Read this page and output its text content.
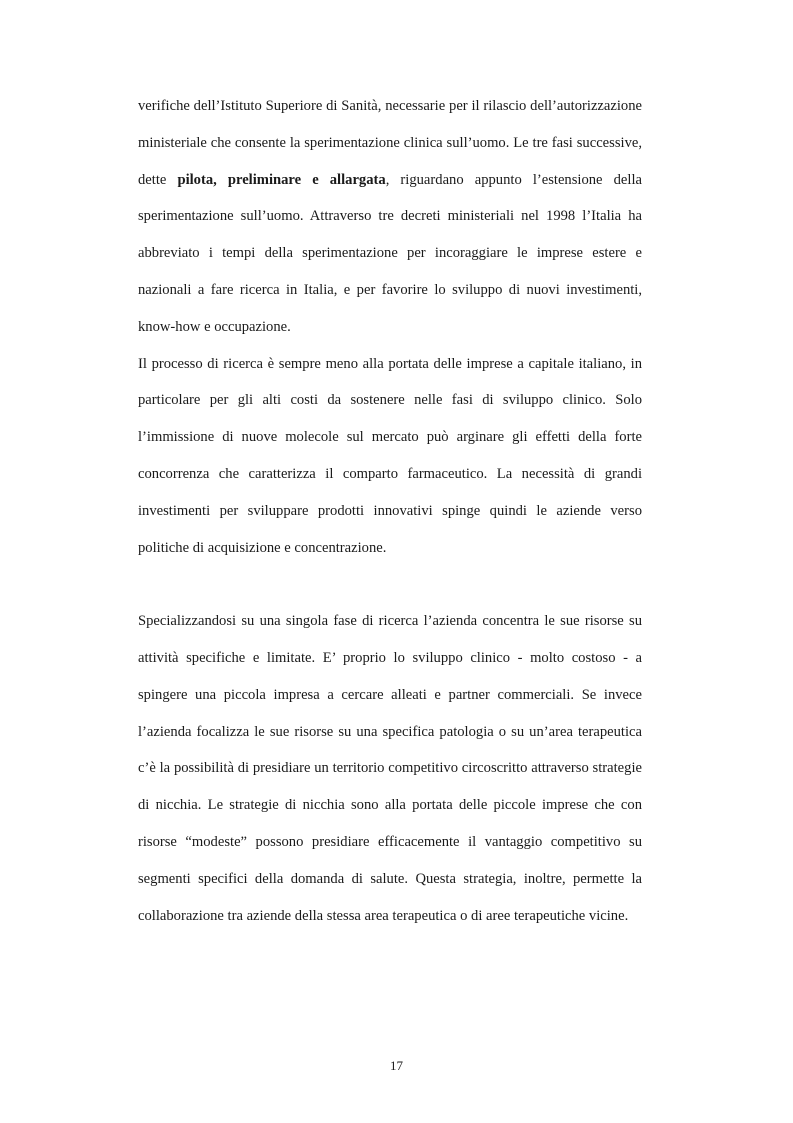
verifiche dell’Istituto Superiore di Sanità, necessarie per il rilascio dell’autorizzazione ministeriale che consente la sperimentazione clinica sull’uomo. Le tre fasi successive, dette pilota, preliminare e allargata, riguardano appunto l’estensione della sperimentazione sull’uomo. Attraverso tre decreti ministeriali nel 1998 l’Italia ha abbreviato i tempi della sperimentazione per incoraggiare le imprese estere e nazionali a fare ricerca in Italia, e per favorire lo sviluppo di nuovi investimenti, know-how e occupazione.

Il processo di ricerca è sempre meno alla portata delle imprese a capitale italiano, in particolare per gli alti costi da sostenere nelle fasi di sviluppo clinico. Solo l’immissione di nuove molecole sul mercato può arginare gli effetti della forte concorrenza che caratterizza il comparto farmaceutico. La necessità di grandi investimenti per sviluppare prodotti innovativi spinge quindi le aziende verso politiche di acquisizione e concentrazione.

Specializzandosi su una singola fase di ricerca l’azienda concentra le sue risorse su attività specifiche e limitate. E’ proprio lo sviluppo clinico - molto costoso - a spingere una piccola impresa a cercare alleati e partner commerciali. Se invece l’azienda focalizza le sue risorse su una specifica patologia o su un’area terapeutica c’è la possibilità di presidiare un territorio competitivo circoscritto attraverso strategie di nicchia. Le strategie di nicchia sono alla portata delle piccole imprese che con risorse “modeste” possono presidiare efficacemente il vantaggio competitivo su segmenti specifici della domanda di salute. Questa strategia, inoltre, permette la collaborazione tra aziende della stessa area terapeutica o di aree terapeutiche vicine.

17
